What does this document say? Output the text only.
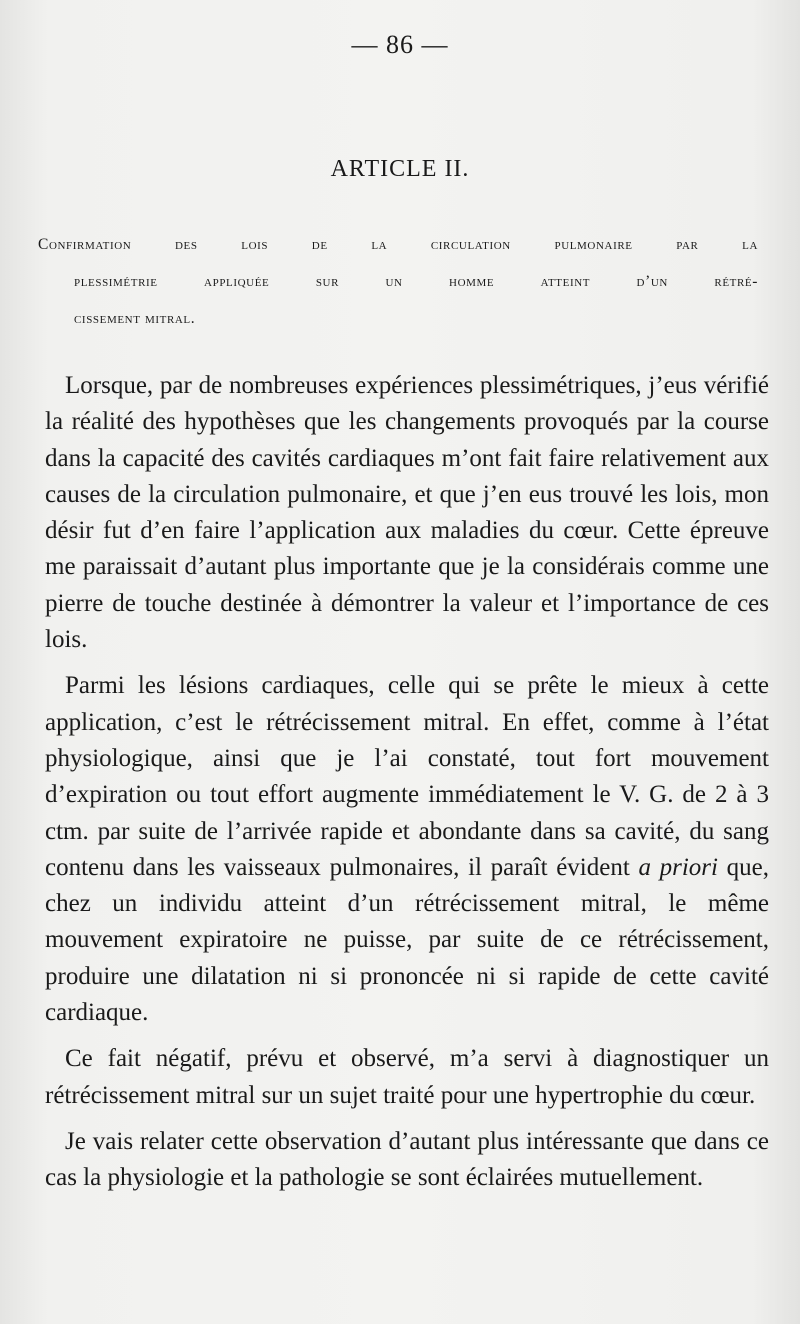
— 86 —
ARTICLE II.
Confirmation des lois de la circulation pulmonaire par la
plessimétrie appliquée sur un homme atteint d’un rétré-
cissement mitral.

Lorsque, par de nombreuses expériences plessimétriques, j’eus vérifié la réalité des hypothèses que les changements provoqués par la course dans la capacité des cavités cardiaques m’ont fait faire relativement aux causes de la circulation pulmonaire, et que j’en eus trouvé les lois, mon désir fut d’en faire l’application aux maladies du cœur. Cette épreuve me paraissait d’autant plus importante que je la considérais comme une pierre de touche destinée à démontrer la valeur et l’importance de ces lois.

Parmi les lésions cardiaques, celle qui se prête le mieux à cette application, c’est le rétrécissement mitral. En effet, comme à l’état physiologique, ainsi que je l’ai constaté, tout fort mouvement d’expiration ou tout effort augmente immédiatement le V. G. de 2 à 3 ctm. par suite de l’arrivée rapide et abondante dans sa cavité, du sang contenu dans les vaisseaux pulmonaires, il paraît évident a priori que, chez un individu atteint d’un rétrécissement mitral, le même mouvement expiratoire ne puisse, par suite de ce rétrécissement, produire une dilatation ni si prononcée ni si rapide de cette cavité cardiaque.

Ce fait négatif, prévu et observé, m’a servi à diagnostiquer un rétrécissement mitral sur un sujet traité pour une hypertrophie du cœur.

Je vais relater cette observation d’autant plus intéressante que dans ce cas la physiologie et la pathologie se sont éclairées mutuellement.
